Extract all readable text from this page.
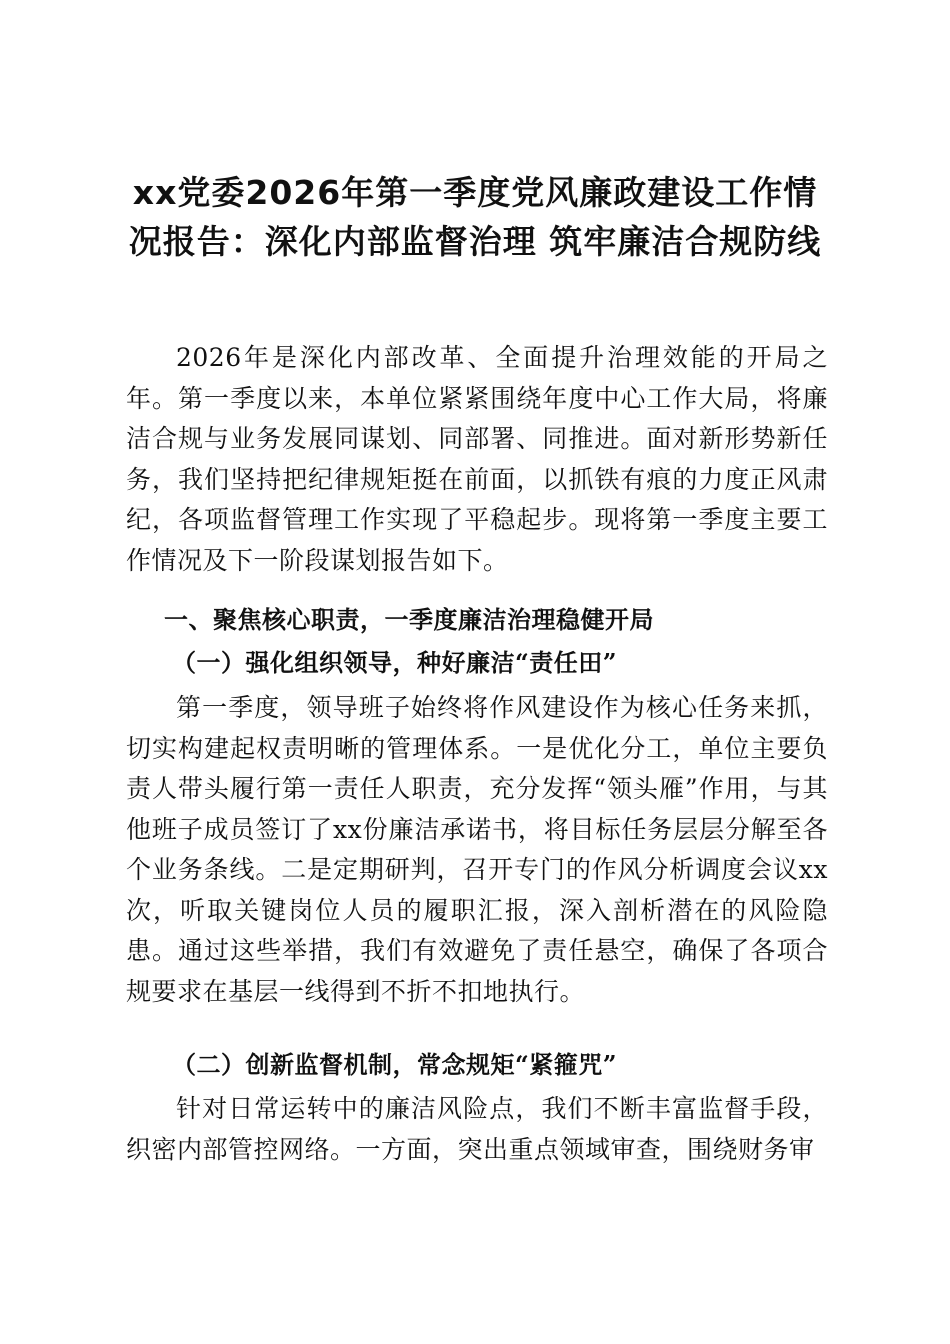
xx党委2026年第一季度党风廉政建设工作情况报告：深化内部监督治理 筑牢廉洁合规防线

2026年是深化内部改革、全面提升治理效能的开局之年。第一季度以来，本单位紧紧围绕年度中心工作大局，将廉洁合规与业务发展同谋划、同部署、同推进。面对新形势新任务，我们坚持把纪律规矩挺在前面，以抓铁有痕的力度正风肃纪，各项监督管理工作实现了平稳起步。现将第一季度主要工作情况及下一阶段谋划报告如下。

一、聚焦核心职责，一季度廉洁治理稳健开局
（一）强化组织领导，种好廉洁“责任田”

第一季度，领导班子始终将作风建设作为核心任务来抓，切实构建起权责明晰的管理体系。一是优化分工，单位主要负责人带头履行第一责任人职责，充分发挥“领头雁”作用，与其他班子成员签订了xx份廉洁承诺书，将目标任务层层分解至各个业务条线。二是定期研判，召开专门的作风分析调度会议xx次，听取关键岗位人员的履职汇报，深入剖析潜在的风险隐患。通过这些举措，我们有效避免了责任悬空，确保了各项合规要求在基层一线得到不折不扣地执行。

（二）创新监督机制，常念规矩“紧箍咒”

针对日常运转中的廉洁风险点，我们不断丰富监督手段，织密内部管控网络。一方面，突出重点领域审查，围绕财务审
